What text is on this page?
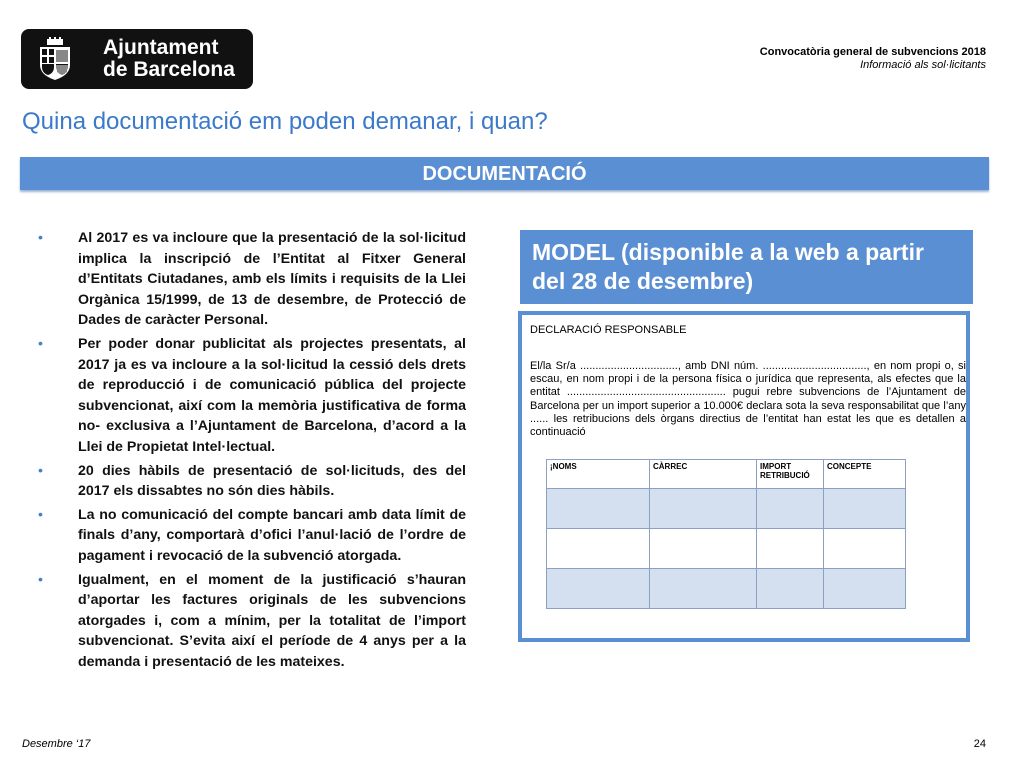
Ajuntament
de Barcelona
Convocatòria general de subvencions 2018
Informació als sol·licitants
Quina documentació em poden demanar, i quan?
DOCUMENTACIÓ
• Al 2017 es va incloure que la presentació de la sol·licitud implica la inscripció de l’Entitat al Fitxer General d’Entitats Ciutadanes, amb els límits i requisits de la Llei Orgànica 15/1999, de 13 de desembre, de Protecció de Dades de caràcter Personal.
• Per poder donar publicitat als projectes presentats, al 2017 ja es va incloure a la sol·licitud la cessió dels drets de reproducció i de comunicació pública del projecte subvencionat, així com la memòria justificativa de forma no- exclusiva a l’Ajuntament de Barcelona, d’acord a la Llei de Propietat Intel·lectual.
• 20 dies hàbils de presentació de sol·licituds, des del 2017 els dissabtes no són dies hàbils.
• La no comunicació del compte bancari amb data límit de finals d’any, comportarà d’ofici l’anul·lació de l’ordre de pagament i revocació de la subvenció atorgada.
• Igualment, en el moment de la justificació s’hauran d’aportar les factures originals de les subvencions atorgades i, com a mínim, per la totalitat de l’import subvencionat. S’evita així el període de 4 anys per a la demanda i presentació de les mateixes.
MODEL (disponible a la web a partir del 28 de desembre)
DECLARACIÓ RESPONSABLE
El/la Sr/a ................................, amb DNI núm. .................................., en nom propi o, si escau, en nom propi i de la persona física o jurídica que representa, als efectes que la entitat .................................................... pugui rebre subvencions de l’Ajuntament de Barcelona per un import superior a 10.000€ declara sota la seva responsabilitat que l’any ...... les retribucions dels òrgans directius de l’entitat han estat les que es detallen a continuació
¡NOMS	CÀRREC	IMPORT RETRIBUCIÓ	CONCEPTE

Desembre ‘17	24
